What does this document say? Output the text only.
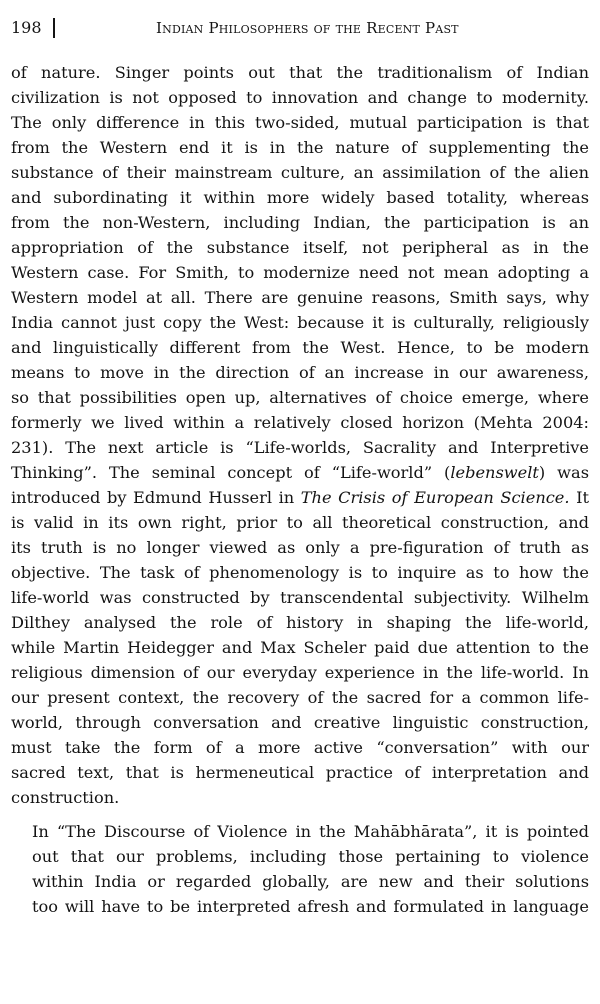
198	Indian Philosophers of the Recent Past

of nature. Singer points out that the traditionalism of Indian
civilization is not opposed to innovation and change to modernity.
The only difference in this two-sided, mutual participation is that
from the Western end it is in the nature of supplementing the
substance of their mainstream culture, an assimilation of the alien
and subordinating it within more widely based totality, whereas
from the non-Western, including Indian, the participation is an
appropriation of the substance itself, not peripheral as in the
Western case. For Smith, to modernize need not mean adopting a
Western model at all. There are genuine reasons, Smith says, why
India cannot just copy the West: because it is culturally, religiously
and linguistically different from the West. Hence, to be modern
means to move in the direction of an increase in our awareness,
so that possibilities open up, alternatives of choice emerge, where
formerly we lived within a relatively closed horizon (Mehta 2004:
231). The next article is “Life-worlds, Sacrality and Interpretive
Thinking”. The seminal concept of “Life-world” (lebenswelt) was
introduced by Edmund Husserl in The Crisis of European Science. It
is valid in its own right, prior to all theoretical construction, and
its truth is no longer viewed as only a pre-figuration of truth as
objective. The task of phenomenology is to inquire as to how the
life-world was constructed by transcendental subjectivity. Wilhelm
Dilthey analysed the role of history in shaping the life-world,
while Martin Heidegger and Max Scheler paid due attention to the
religious dimension of our everyday experience in the life-world. In
our present context, the recovery of the sacred for a common life-
world, through conversation and creative linguistic construction,
must take the form of a more active “conversation” with our
sacred text, that is hermeneutical practice of interpretation and
construction.

In “The Discourse of Violence in the Mahābhārata”, it is pointed
out that our problems, including those pertaining to violence
within India or regarded globally, are new and their solutions
too will have to be interpreted afresh and formulated in language
